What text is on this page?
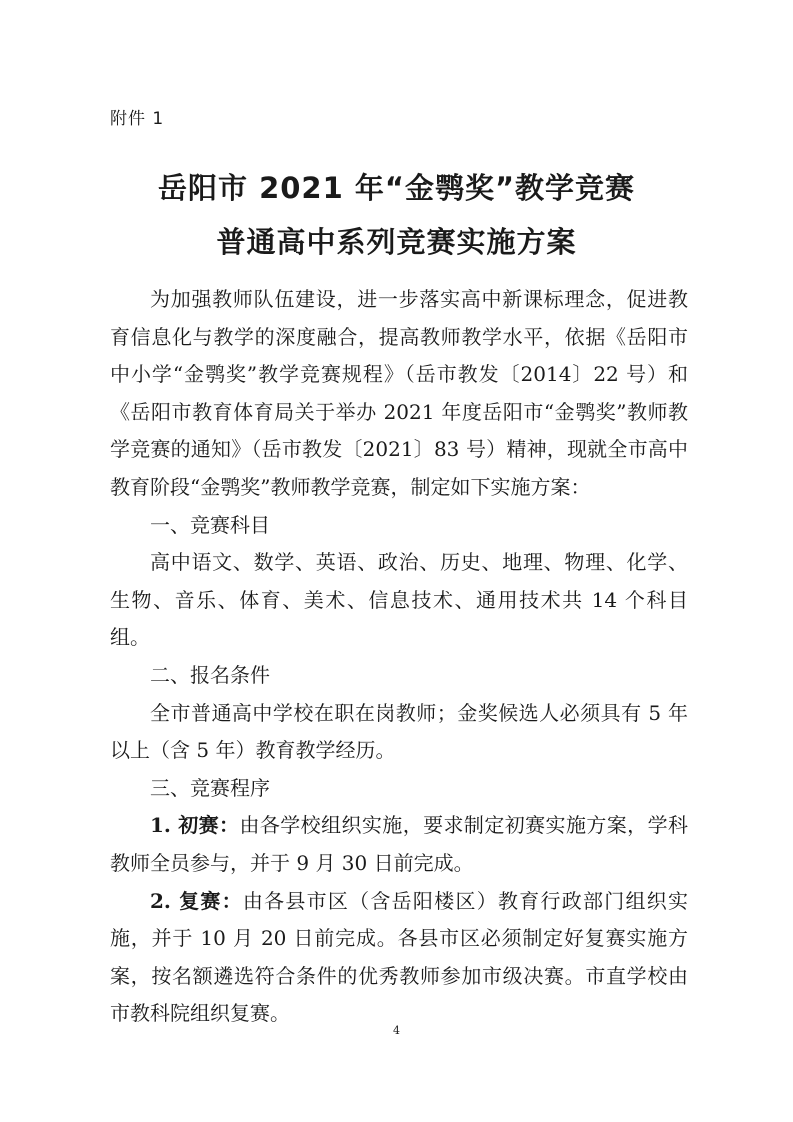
附件 1
岳阳市 2021 年“金鹗奖”教学竞赛
普通高中系列竞赛实施方案

为加强教师队伍建设，进一步落实高中新课标理念，促进教育信息化与教学的深度融合，提高教师教学水平，依据《岳阳市中小学“金鹗奖”教学竞赛规程》（岳市教发〔2014〕22 号）和《岳阳市教育体育局关于举办 2021 年度岳阳市“金鹗奖”教师教学竞赛的通知》（岳市教发〔2021〕83 号）精神，现就全市高中教育阶段“金鹗奖”教师教学竞赛，制定如下实施方案：

一、竞赛科目

高中语文、数学、英语、政治、历史、地理、物理、化学、生物、音乐、体育、美术、信息技术、通用技术共 14 个科目组。

二、报名条件

全市普通高中学校在职在岗教师；金奖候选人必须具有 5 年以上（含 5 年）教育教学经历。

三、竞赛程序

1. 初赛：由各学校组织实施，要求制定初赛实施方案，学科教师全员参与，并于 9 月 30 日前完成。

2. 复赛：由各县市区（含岳阳楼区）教育行政部门组织实施，并于 10 月 20 日前完成。各县市区必须制定好复赛实施方案，按名额遴选符合条件的优秀教师参加市级决赛。市直学校由市教科院组织复赛。

4
